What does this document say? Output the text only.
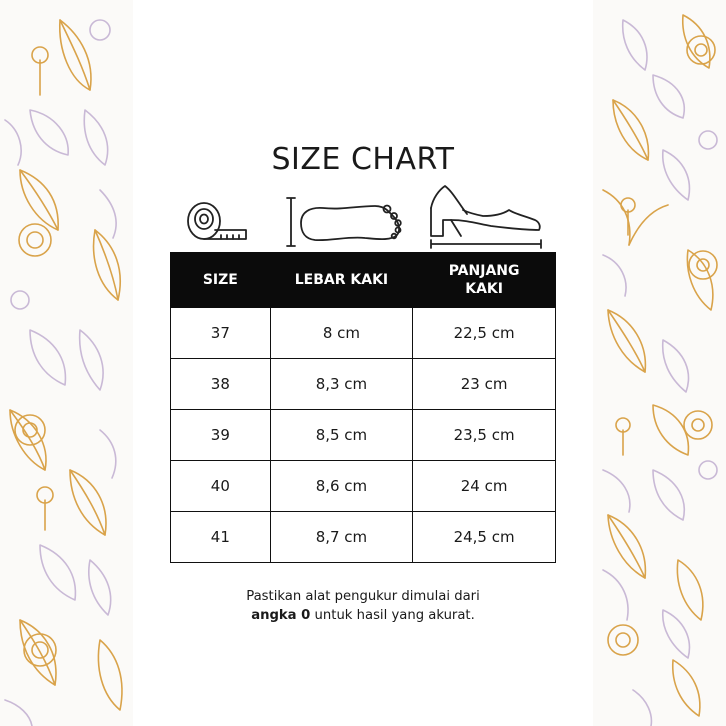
SIZE CHART
SIZE	LEBAR KAKI	PANJANG KAKI
37	8 cm	22,5 cm
38	8,3 cm	23 cm
39	8,5 cm	23,5 cm
40	8,6 cm	24 cm
41	8,7 cm	24,5 cm
Pastikan alat pengukur dimulai dari
angka 0 untuk hasil yang akurat.
